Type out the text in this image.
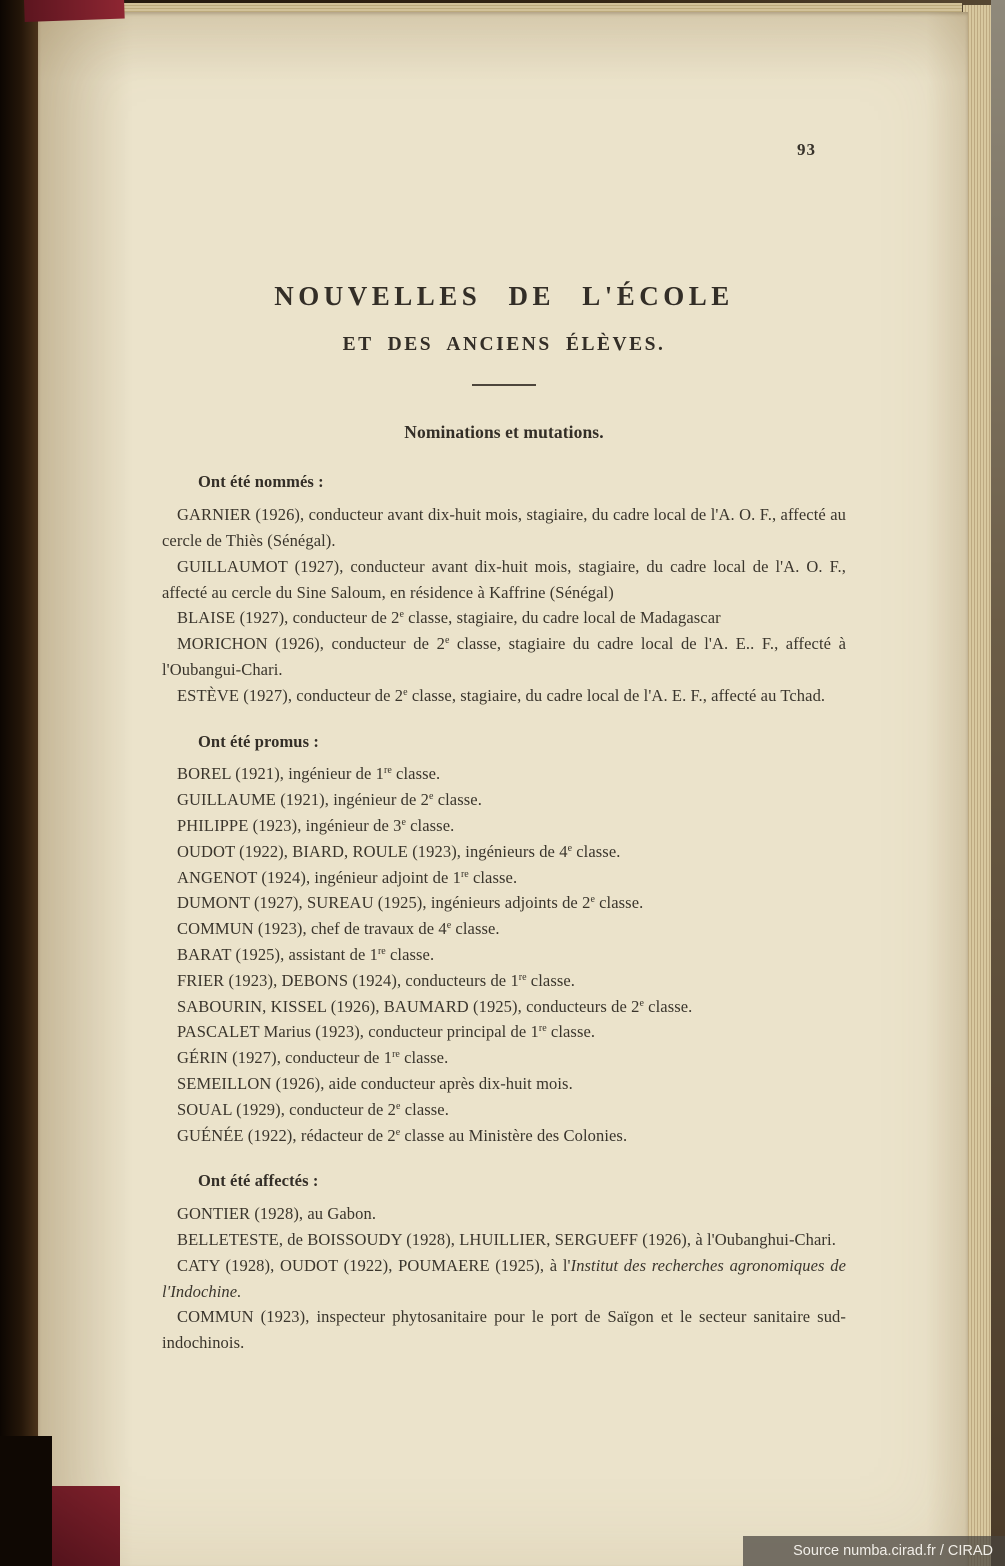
93
NOUVELLES DE L'ÉCOLE
ET DES ANCIENS ÉLÈVES.
Nominations et mutations.

Ont été nommés :

GARNIER (1926), conducteur avant dix-huit mois, stagiaire, du cadre local de l'A. O. F., affecté au cercle de Thiès (Sénégal).

GUILLAUMOT (1927), conducteur avant dix-huit mois, stagiaire, du cadre local de l'A. O. F., affecté au cercle du Sine Saloum, en résidence à Kaffrine (Sénégal)

BLAISE (1927), conducteur de 2e classe, stagiaire, du cadre local de Madagascar

MORICHON (1926), conducteur de 2e classe, stagiaire du cadre local de l'A. E.. F., affecté à l'Oubangui-Chari.

ESTÈVE (1927), conducteur de 2e classe, stagiaire, du cadre local de l'A. E. F., affecté au Tchad.

Ont été promus :

BOREL (1921), ingénieur de 1re classe.

GUILLAUME (1921), ingénieur de 2e classe.

PHILIPPE (1923), ingénieur de 3e classe.

OUDOT (1922), BIARD, ROULE (1923), ingénieurs de 4e classe.

ANGENOT (1924), ingénieur adjoint de 1re classe.

DUMONT (1927), SUREAU (1925), ingénieurs adjoints de 2e classe.

COMMUN (1923), chef de travaux de 4e classe.

BARAT (1925), assistant de 1re classe.

FRIER (1923), DEBONS (1924), conducteurs de 1re classe.

SABOURIN, KISSEL (1926), BAUMARD (1925), conducteurs de 2e classe.

PASCALET Marius (1923), conducteur principal de 1re classe.

GÉRIN (1927), conducteur de 1re classe.

SEMEILLON (1926), aide conducteur après dix-huit mois.

SOUAL (1929), conducteur de 2e classe.

GUÉNÉE (1922), rédacteur de 2e classe au Ministère des Colonies.

Ont été affectés :

GONTIER (1928), au Gabon.

BELLETESTE, de BOISSOUDY (1928), LHUILLIER, SERGUEFF (1926), à l'Oubanghui-Chari.

CATY (1928), OUDOT (1922), POUMAERE (1925), à l'Institut des recherches agronomiques de l'Indochine.

COMMUN (1923), inspecteur phytosanitaire pour le port de Saïgon et le secteur sanitaire sud-indochinois.

Source numba.cirad.fr / CIRAD
